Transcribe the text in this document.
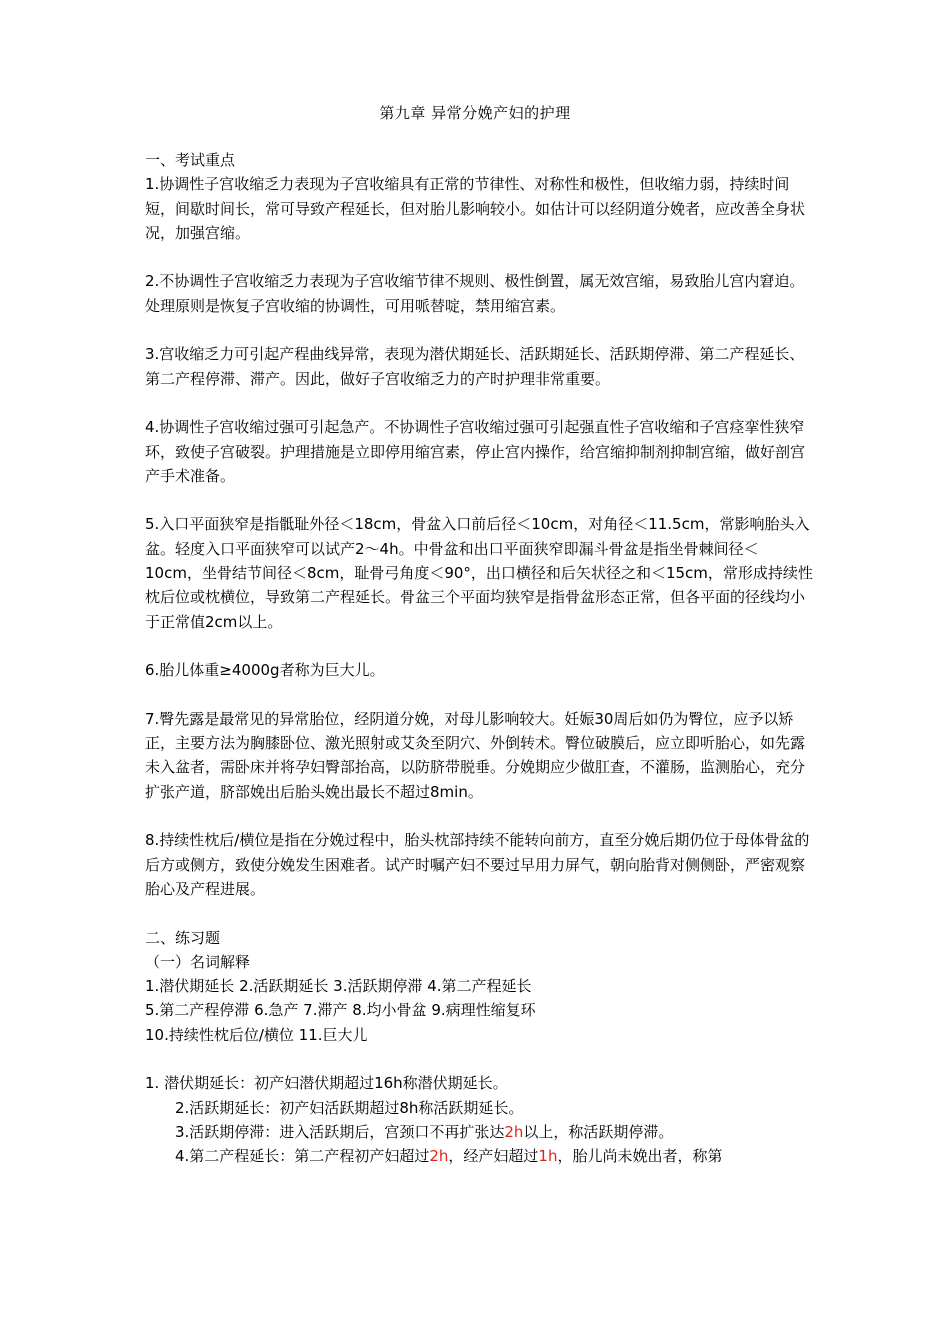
第九章 异常分娩产妇的护理

一、考试重点

1.协调性子宫收缩乏力表现为子宫收缩具有正常的节律性、对称性和极性，但收缩力弱，持续时间短，间歇时间长，常可导致产程延长，但对胎儿影响较小。如估计可以经阴道分娩者，应改善全身状况，加强宫缩。

2.不协调性子宫收缩乏力表现为子宫收缩节律不规则、极性倒置，属无效宫缩，易致胎儿宫内窘迫。处理原则是恢复子宫收缩的协调性，可用哌替啶，禁用缩宫素。

3.宫收缩乏力可引起产程曲线异常，表现为潜伏期延长、活跃期延长、活跃期停滞、第二产程延长、第二产程停滞、滞产。因此，做好子宫收缩乏力的产时护理非常重要。

4.协调性子宫收缩过强可引起急产。不协调性子宫收缩过强可引起强直性子宫收缩和子宫痉挛性狭窄环，致使子宫破裂。护理措施是立即停用缩宫素，停止宫内操作，给宫缩抑制剂抑制宫缩，做好剖宫产手术准备。

5.入口平面狭窄是指骶耻外径＜18cm，骨盆入口前后径＜10cm，对角径＜11.5cm，常影响胎头入盆。轻度入口平面狭窄可以试产2～4h。中骨盆和出口平面狭窄即漏斗骨盆是指坐骨棘间径＜10cm，坐骨结节间径＜8cm，耻骨弓角度＜90°，出口横径和后矢状径之和＜15cm，常形成持续性枕后位或枕横位，导致第二产程延长。骨盆三个平面均狭窄是指骨盆形态正常，但各平面的径线均小于正常值2cm以上。

6.胎儿体重≥4000g者称为巨大儿。

7.臀先露是最常见的异常胎位，经阴道分娩，对母儿影响较大。妊娠30周后如仍为臀位，应予以矫正，主要方法为胸膝卧位、激光照射或艾灸至阴穴、外倒转术。臀位破膜后，应立即听胎心，如先露未入盆者，需卧床并将孕妇臀部抬高，以防脐带脱垂。分娩期应少做肛查，不灌肠，监测胎心，充分扩张产道，脐部娩出后胎头娩出最长不超过8min。

8.持续性枕后/横位是指在分娩过程中，胎头枕部持续不能转向前方，直至分娩后期仍位于母体骨盆的后方或侧方，致使分娩发生困难者。试产时嘱产妇不要过早用力屏气，朝向胎背对侧侧卧，严密观察胎心及产程进展。

二、练习题

（一）名词解释

1.潜伏期延长 2.活跃期延长 3.活跃期停滞 4.第二产程延长

5.第二产程停滞 6.急产 7.滞产 8.均小骨盆 9.病理性缩复环

10.持续性枕后位/横位 11.巨大儿

1. 潜伏期延长：初产妇潜伏期超过16h称潜伏期延长。

2.活跃期延长：初产妇活跃期超过8h称活跃期延长。

3.活跃期停滞：进入活跃期后，宫颈口不再扩张达2h以上，称活跃期停滞。

4.第二产程延长：第二产程初产妇超过2h，经产妇超过1h，胎儿尚未娩出者，称第
